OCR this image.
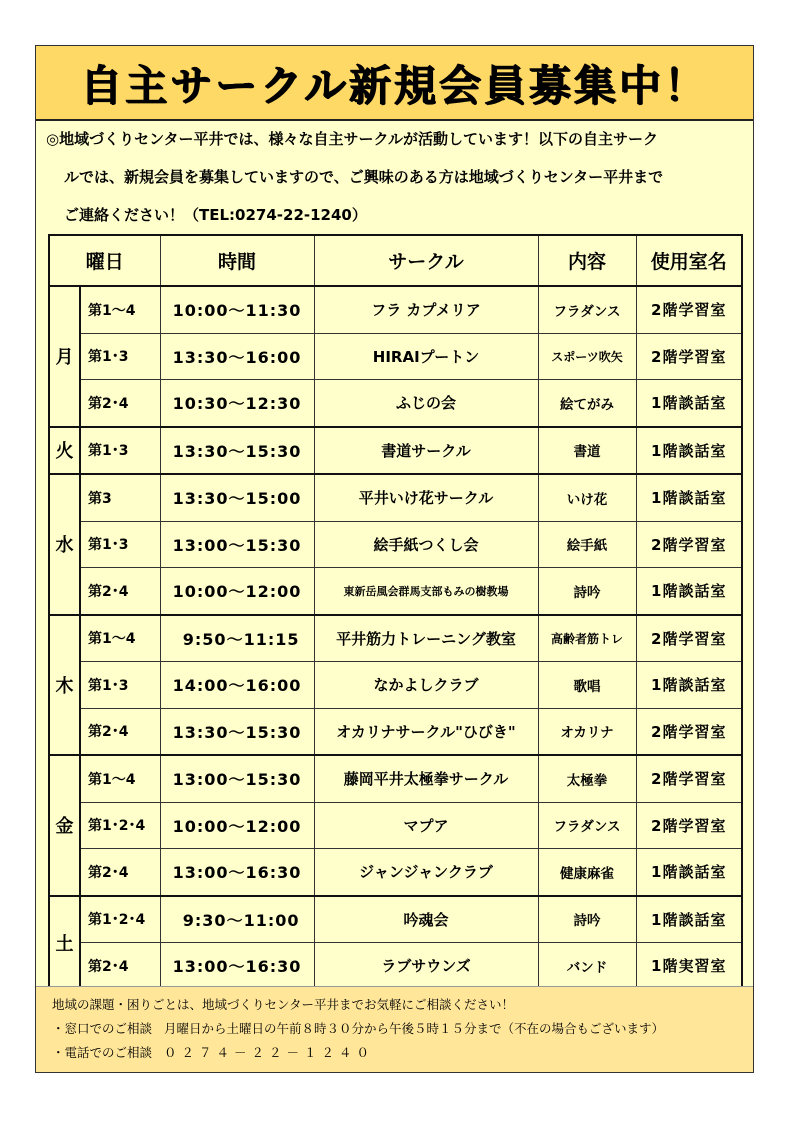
自主サークル新規会員募集中！

◎地域づくりセンター平井では、様々な自主サークルが活動しています！以下の自主サーク

ルでは、新規会員を募集していますので、ご興味のある方は地域づくりセンター平井まで

ご連絡ください！（TEL:0274-22-1240）

曜日		時間	サークル	内容	使用室名
月	第1～4	10:00～11:30	フラ カプメリア	フラダンス	2階学習室
	第1･3	13:30～16:00	HIRAIプートン	スポーツ吹矢	2階学習室
	第2･4	10:30～12:30	ふじの会	絵てがみ	1階談話室
火	第1･3	13:30～15:30	書道サークル	書道	1階談話室
水	第3	13:30～15:00	平井いけ花サークル	いけ花	1階談話室
	第1･3	13:00～15:30	絵手紙つくし会	絵手紙	2階学習室
	第2･4	10:00～12:00	東新岳風会群馬支部もみの樹教場	詩吟	1階談話室
木	第1～4	9:50～11:15	平井筋力トレーニング教室	高齢者筋トレ	2階学習室
	第1･3	14:00～16:00	なかよしクラブ	歌唱	1階談話室
	第2･4	13:30～15:30	オカリナサークル"ひびき"	オカリナ	2階学習室
金	第1～4	13:00～15:30	藤岡平井太極拳サークル	太極拳	2階学習室
	第1･2･4	10:00～12:00	マプア	フラダンス	2階学習室
	第2･4	13:00～16:30	ジャンジャンクラブ	健康麻雀	1階談話室
土	第1･2･4	9:30～11:00	吟魂会	詩吟	1階談話室
	第2･4	13:00～16:30	ラブサウンズ	バンド	1階実習室

地域の課題・困りごとは、地域づくりセンター平井までお気軽にご相談ください！

・窓口でのご相談 月曜日から土曜日の午前８時３０分から午後５時１５分まで（不在の場合もございます）

・電話でのご相談 ０２７４－２２－１２４０
